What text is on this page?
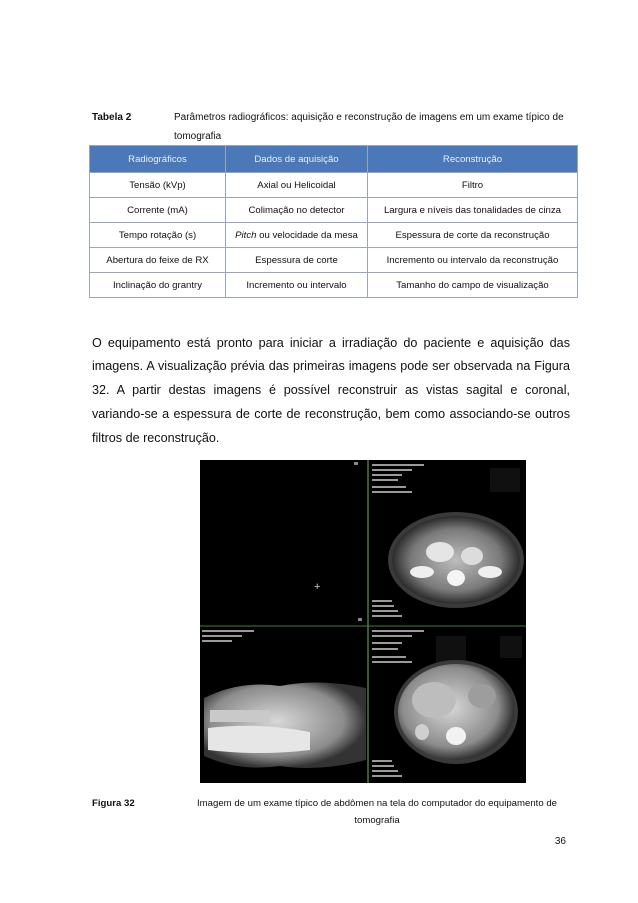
Tabela 2	Parâmetros radiográficos: aquisição e reconstrução de imagens em um exame típico de tomografia
Radiográficos	Dados de aquisição	Reconstrução
Tensão (kVp)	Axial ou Helicoidal	Filtro
Corrente (mA)	Colimação no detector	Largura e níveis das tonalidades de cinza
Tempo rotação (s)	Pitch ou velocidade da mesa	Espessura de corte da reconstrução
Abertura do feixe de RX	Espessura de corte	Incremento ou intervalo da reconstrução
Inclinação do grantry	Incremento ou intervalo	Tamanho do campo de visualização

O equipamento está pronto para iniciar a irradiação do paciente e aquisição das imagens. A visualização prévia das primeiras imagens pode ser observada na Figura 32. A partir destas imagens é possível reconstruir as vistas sagital e coronal, variando-se a espessura de corte de reconstrução, bem como associando-se outros filtros de reconstrução.

+
Figura 32	Imagem de um exame típico de abdômen na tela do computador do equipamento de tomografia
36
